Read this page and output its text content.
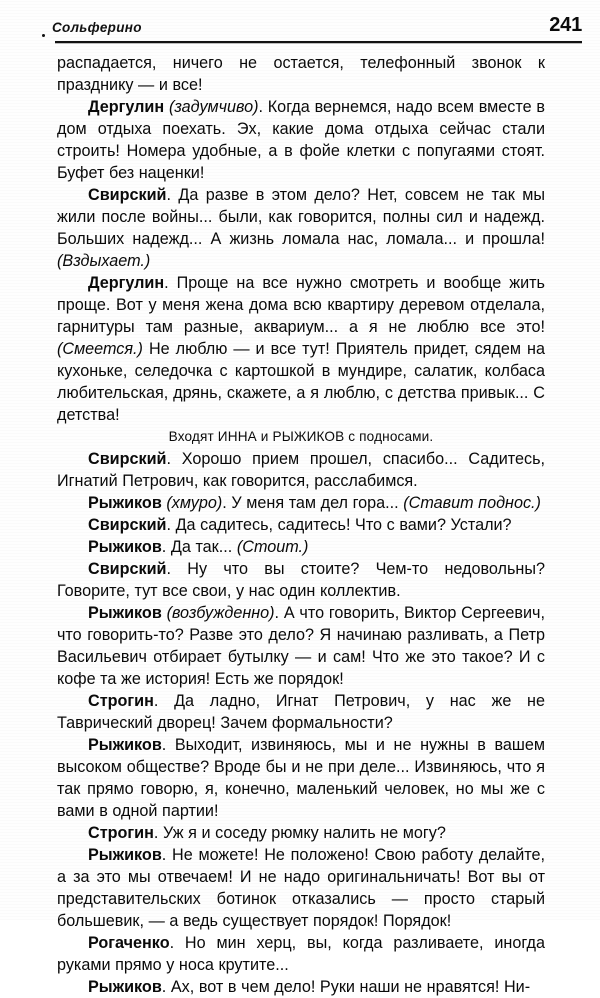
Сольферино	241

распадается, ничего не остается, телефонный звонок к празднику — и все!

Дергулин (задумчиво). Когда вернемся, надо всем вместе в дом отдыха поехать. Эх, какие дома отдыха сейчас стали строить! Номера удобные, а в фойе клетки с попугаями стоят. Буфет без наценки!

Свирский. Да разве в этом дело? Нет, совсем не так мы жили после войны... были, как говорится, полны сил и надежд. Больших надежд... А жизнь ломала нас, ломала... и прошла! (Вздыхает.)

Дергулин. Проще на все нужно смотреть и вообще жить проще. Вот у меня жена дома всю квартиру деревом отделала, гарнитуры там разные, аквариум... а я не люблю все это! (Смеется.) Не люблю — и все тут! Приятель придет, сядем на кухоньке, селедочка с картошкой в мундире, салатик, колбаса любительская, дрянь, скажете, а я люблю, с детства привык... С детства!

Входят ИННА и РЫЖИКОВ с подносами.

Свирский. Хорошо прием прошел, спасибо... Садитесь, Игнатий Петрович, как говорится, расслабимся.

Рыжиков (хмуро). У меня там дел гора... (Ставит поднос.)

Свирский. Да садитесь, садитесь! Что с вами? Устали?

Рыжиков. Да так... (Стоит.)

Свирский. Ну что вы стоите? Чем-то недовольны? Говорите, тут все свои, у нас один коллектив.

Рыжиков (возбужденно). А что говорить, Виктор Сергеевич, что говорить-то? Разве это дело? Я начинаю разливать, а Петр Васильевич отбирает бутылку — и сам! Что же это такое? И с кофе та же история! Есть же порядок!

Строгин. Да ладно, Игнат Петрович, у нас же не Таврический дворец! Зачем формальности?

Рыжиков. Выходит, извиняюсь, мы и не нужны в вашем высоком обществе? Вроде бы и не при деле... Извиняюсь, что я так прямо говорю, я, конечно, маленький человек, но мы же с вами в одной партии!

Строгин. Уж я и соседу рюмку налить не могу?

Рыжиков. Не можете! Не положено! Свою работу делайте, а за это мы отвечаем! И не надо оригинальничать! Вот вы от представительских ботинок отказались — просто старый большевик, — а ведь существует порядок! Порядок!

Рогаченко. Но мин херц, вы, когда разливаете, иногда руками прямо у носа крутите...

Рыжиков. Ах, вот в чем дело! Руки наши не нравятся! Ни-
